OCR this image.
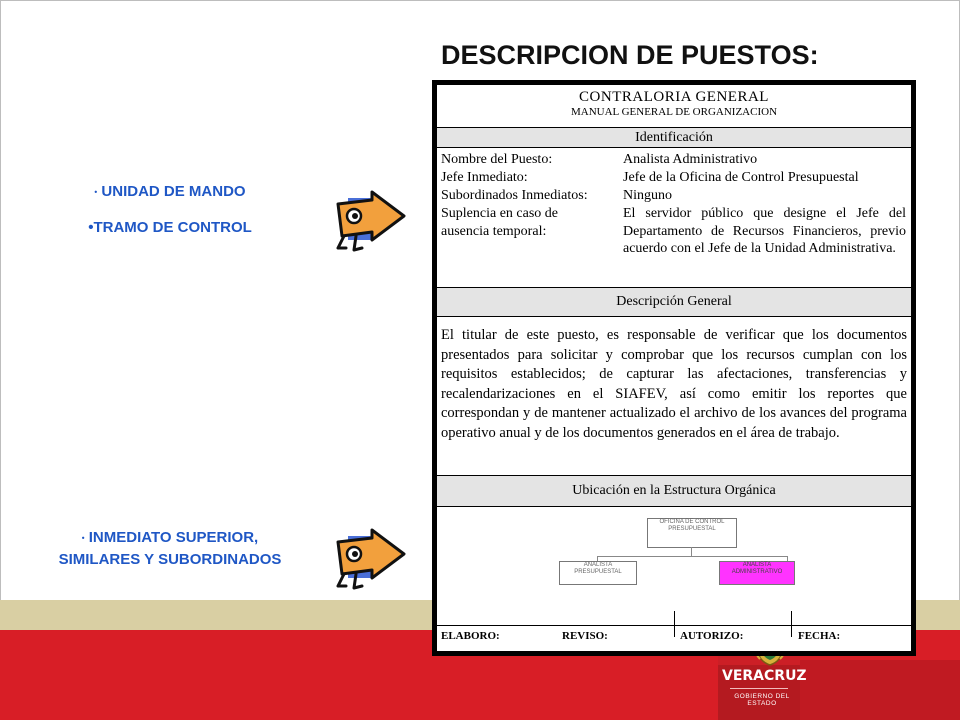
VERACRUZ
GOBIERNO DEL ESTADO
DESCRIPCION DE PUESTOS:
• UNIDAD DE MANDO
•TRAMO DE CONTROL
• INMEDIATO SUPERIOR, SIMILARES Y SUBORDINADOS
CONTRALORIA GENERAL
MANUAL GENERAL DE ORGANIZACION
Identificación
Nombre del Puesto:	Analista Administrativo
Jefe Inmediato:	Jefe de la Oficina de Control Presupuestal
Subordinados Inmediatos:	Ninguno
Suplencia en caso de
ausencia temporal:
El servidor público que designe el Jefe del Departamento de Recursos Financieros, previo acuerdo con el Jefe de la Unidad Administrativa.
Descripción General
El titular de este puesto, es responsable de verificar que los documentos presentados para solicitar y comprobar que los recursos cumplan con los requisitos establecidos; de capturar las afectaciones, transferencias y recalendarizaciones en el SIAFEV, así como emitir los reportes que correspondan y de mantener actualizado el archivo de los avances del programa operativo anual y de los documentos generados en el área de trabajo.
Ubicación en la Estructura Orgánica
OFICINA DE CONTROL PRESUPUESTAL
ANALISTA PRESUPUESTAL
ANALISTA ADMINISTRATIVO
ELABORO:	REVISO:	AUTORIZO:	FECHA:
